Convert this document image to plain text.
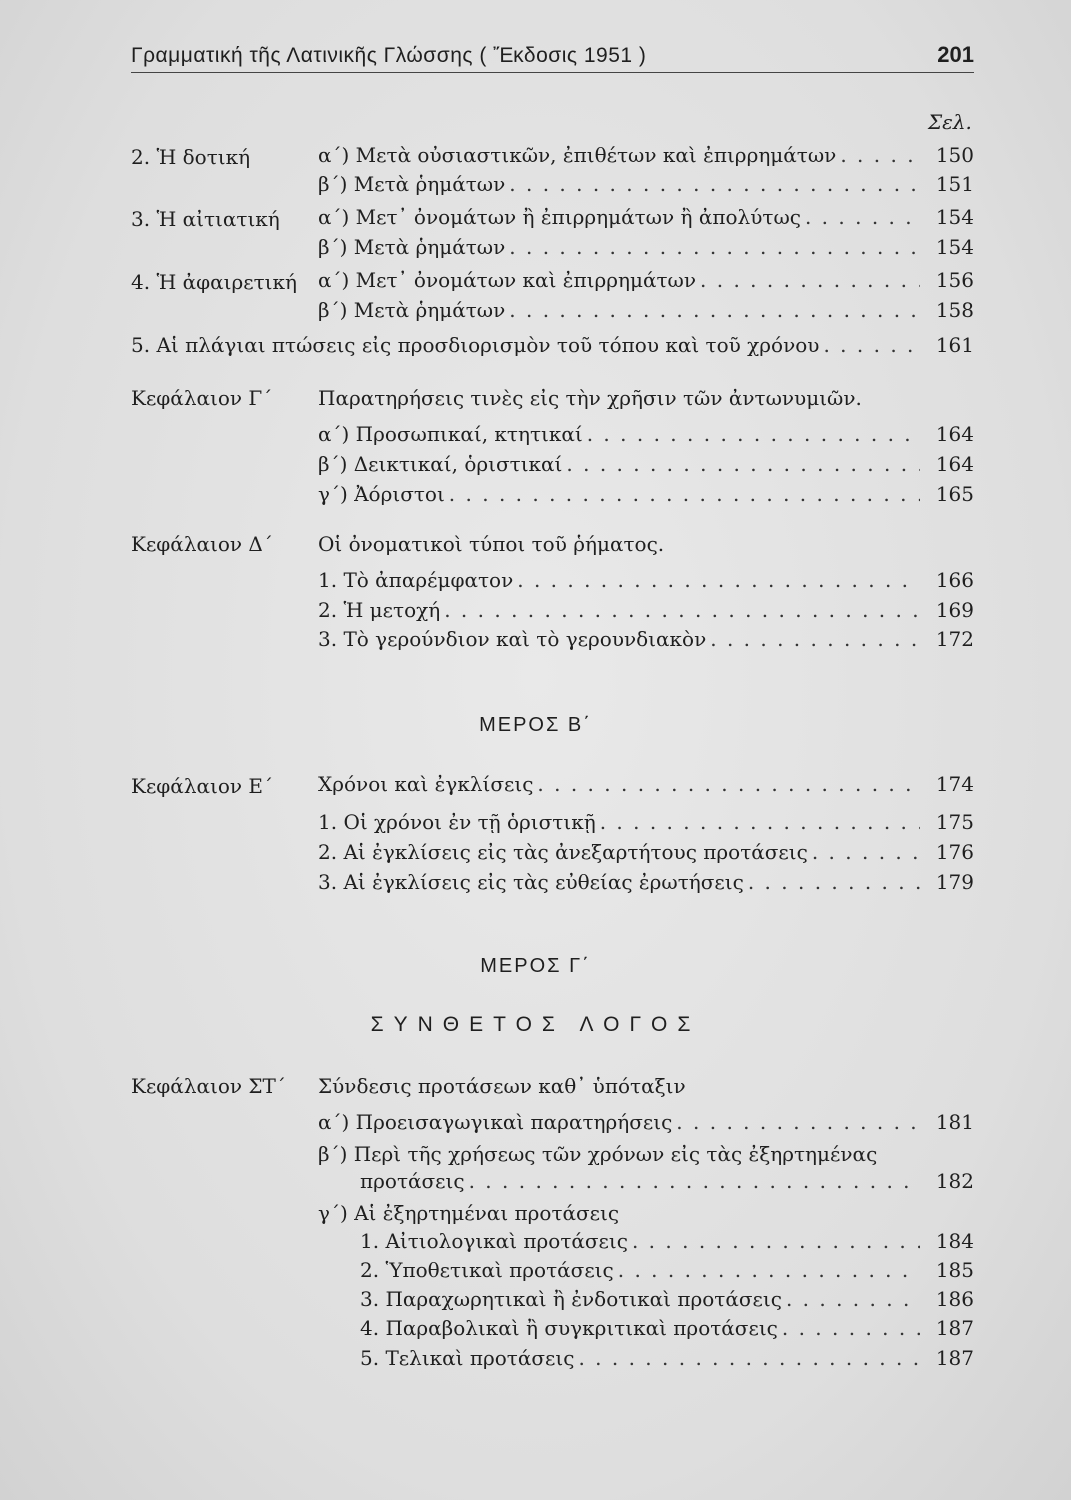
Γραμματική τῆς Λατινικῆς Γλώσσης ( Ἔκδοσις 1951 )	201
Σελ.
2. Ἡ δοτική	α΄) Μετὰ οὐσιαστικῶν, ἐπιθέτων καὶ ἐπιρρημάτων . . .	150
β΄) Μετὰ ῥημάτων . . .	151
3. Ἡ αἰτιατική α΄) Μετ᾽ ὀνομάτων ἢ ἐπιρρημάτων ἢ ἀπολύτως . . .	154
β΄) Μετὰ ῥημάτων . . .	154
4. Ἡ ἀφαιρετική α΄) Μετ᾽ ὀνομάτων καὶ ἐπιρρημάτων . . .	156
β΄) Μετὰ ῥημάτων . . .	158
5. Αἱ πλάγιαι πτώσεις εἰς προσδιορισμὸν τοῦ τόπου καὶ τοῦ χρόνου . . .	161
Κεφάλαιον Γ΄ Παρατηρήσεις τινὲς εἰς τὴν χρῆσιν τῶν ἀντωνυμιῶν.
α΄) Προσωπικαί, κτητικαί . . .	164
β΄) Δεικτικαί, ὁριστικαί . . .	164
γ΄) Ἀόριστοι . . .	165
Κεφάλαιον Δ΄ Οἱ ὀνοματικοὶ τύποι τοῦ ῥήματος.
1. Τὸ ἀπαρέμφατον . . .	166
2. Ἡ μετοχή . . .	169
3. Τὸ γερούνδιον καὶ τὸ γερουνδιακὸν . . .	172
ΜΕΡΟΣ Β΄
Κεφάλαιον Ε΄ Χρόνοι καὶ ἐγκλίσεις . . .	174
1. Οἱ χρόνοι ἐν τῇ ὁριστικῇ . . .	175
2. Αἱ ἐγκλίσεις εἰς τὰς ἀνεξαρτήτους προτάσεις . . .	176
3. Αἱ ἐγκλίσεις εἰς τὰς εὐθείας ἐρωτήσεις . . .	179
ΜΕΡΟΣ Γ΄
ΣΥΝΘΕΤΟΣ ΛΟΓΟΣ
Κεφάλαιον ΣΤ΄ Σύνδεσις προτάσεων καθ᾽ ὑπόταξιν
α΄) Προεισαγωγικαὶ παρατηρήσεις . . .	181
β΄) Περὶ τῆς χρήσεως τῶν χρόνων εἰς τὰς ἐξηρτημένας
προτάσεις . . .	182
γ΄) Αἱ ἐξηρτημέναι προτάσεις
1. Αἰτιολογικαὶ προτάσεις . . .	184
2. Ὑποθετικαὶ προτάσεις . . .	185
3. Παραχωρητικαὶ ἢ ἐνδοτικαὶ προτάσεις . . .	186
4. Παραβολικαὶ ἢ συγκριτικαὶ προτάσεις . . .	187
5. Τελικαὶ προτάσεις . . .	187
